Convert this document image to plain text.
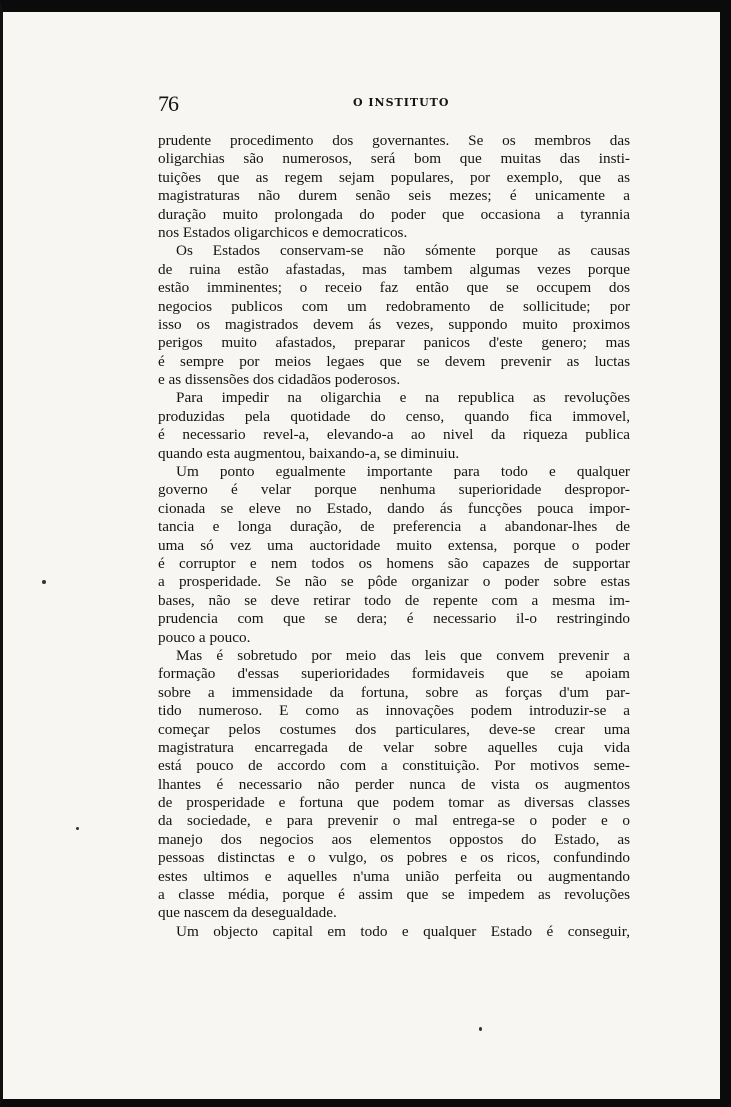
76	O INSTITUTO
prudente procedimento dos governantes. Se os membros das
oligarchias são numerosos, será bom que muitas das insti-
tuições que as regem sejam populares, por exemplo, que as
magistraturas não durem senão seis mezes; é unicamente a
duração muito prolongada do poder que occasiona a tyrannia
nos Estados oligarchicos e democraticos.
Os Estados conservam-se não sómente porque as causas
de ruina estão afastadas, mas tambem algumas vezes porque
estão imminentes; o receio faz então que se occupem dos
negocios publicos com um redobramento de sollicitude; por
isso os magistrados devem ás vezes, suppondo muito proximos
perigos muito afastados, preparar panicos d'este genero; mas
é sempre por meios legaes que se devem prevenir as luctas
e as dissensões dos cidadãos poderosos.
Para impedir na oligarchia e na republica as revoluções
produzidas pela quotidade do censo, quando fica immovel,
é necessario revel-a, elevando-a ao nivel da riqueza publica
quando esta augmentou, baixando-a, se diminuiu.
Um ponto egualmente importante para todo e qualquer
governo é velar porque nenhuma superioridade despropor-
cionada se eleve no Estado, dando ás funcções pouca impor-
tancia e longa duração, de preferencia a abandonar-lhes de
uma só vez uma auctoridade muito extensa, porque o poder
é corruptor e nem todos os homens são capazes de supportar
a prosperidade. Se não se pôde organizar o poder sobre estas
bases, não se deve retirar todo de repente com a mesma im-
prudencia com que se dera; é necessario il-o restringindo
pouco a pouco.
Mas é sobretudo por meio das leis que convem prevenir a
formação d'essas superioridades formidaveis que se apoiam
sobre a immensidade da fortuna, sobre as forças d'um par-
tido numeroso. E como as innovações podem introduzir-se a
começar pelos costumes dos particulares, deve-se crear uma
magistratura encarregada de velar sobre aquelles cuja vida
está pouco de accordo com a constituição. Por motivos seme-
lhantes é necessario não perder nunca de vista os augmentos
de prosperidade e fortuna que podem tomar as diversas classes
da sociedade, e para prevenir o mal entrega-se o poder e o
manejo dos negocios aos elementos oppostos do Estado, as
pessoas distinctas e o vulgo, os pobres e os ricos, confundindo
estes ultimos e aquelles n'uma união perfeita ou augmentando
a classe média, porque é assim que se impedem as revoluções
que nascem da desegualdade.
Um objecto capital em todo e qualquer Estado é conseguir,
